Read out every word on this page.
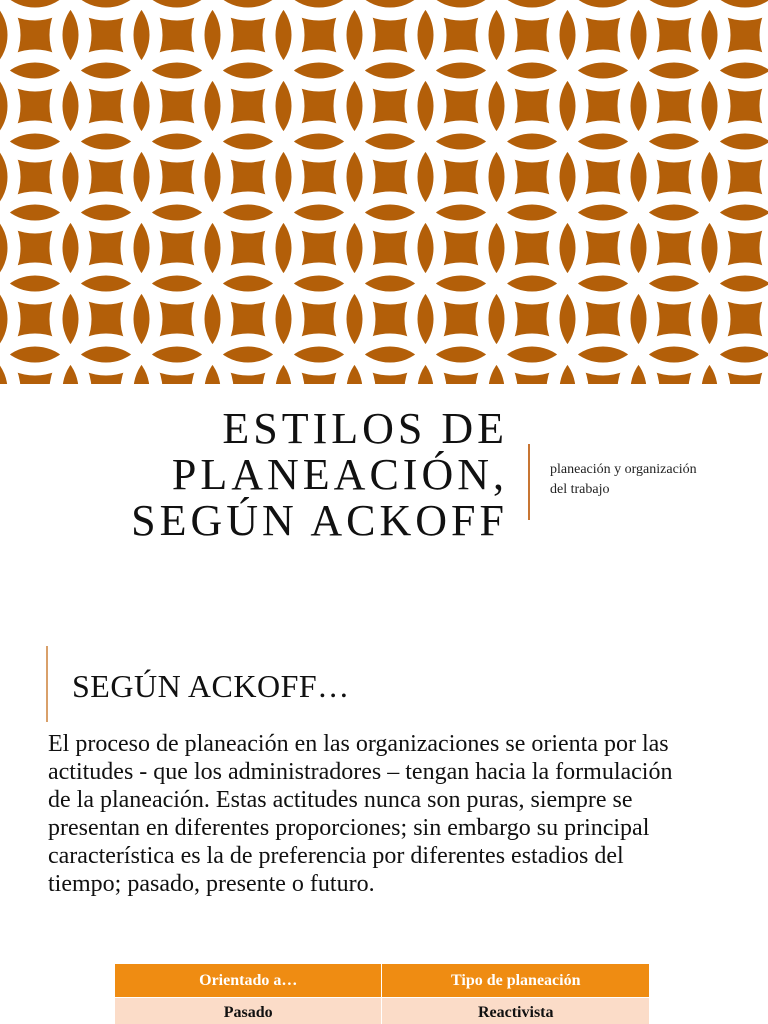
ESTILOS DE
PLANEACIÓN,
SEGÚN ACKOFF
planeación y organización
del trabajo
SEGÚN ACKOFF…
El proceso de planeación en las organizaciones se orienta por las
actitudes - que los administradores – tengan hacia la formulación
de la planeación. Estas actitudes nunca son puras, siempre se
presentan en diferentes proporciones; sin embargo su principal
característica es la de preferencia por diferentes estadios del
tiempo; pasado, presente o futuro.
Orientado a…	Tipo de planeación
Pasado	Reactivista
